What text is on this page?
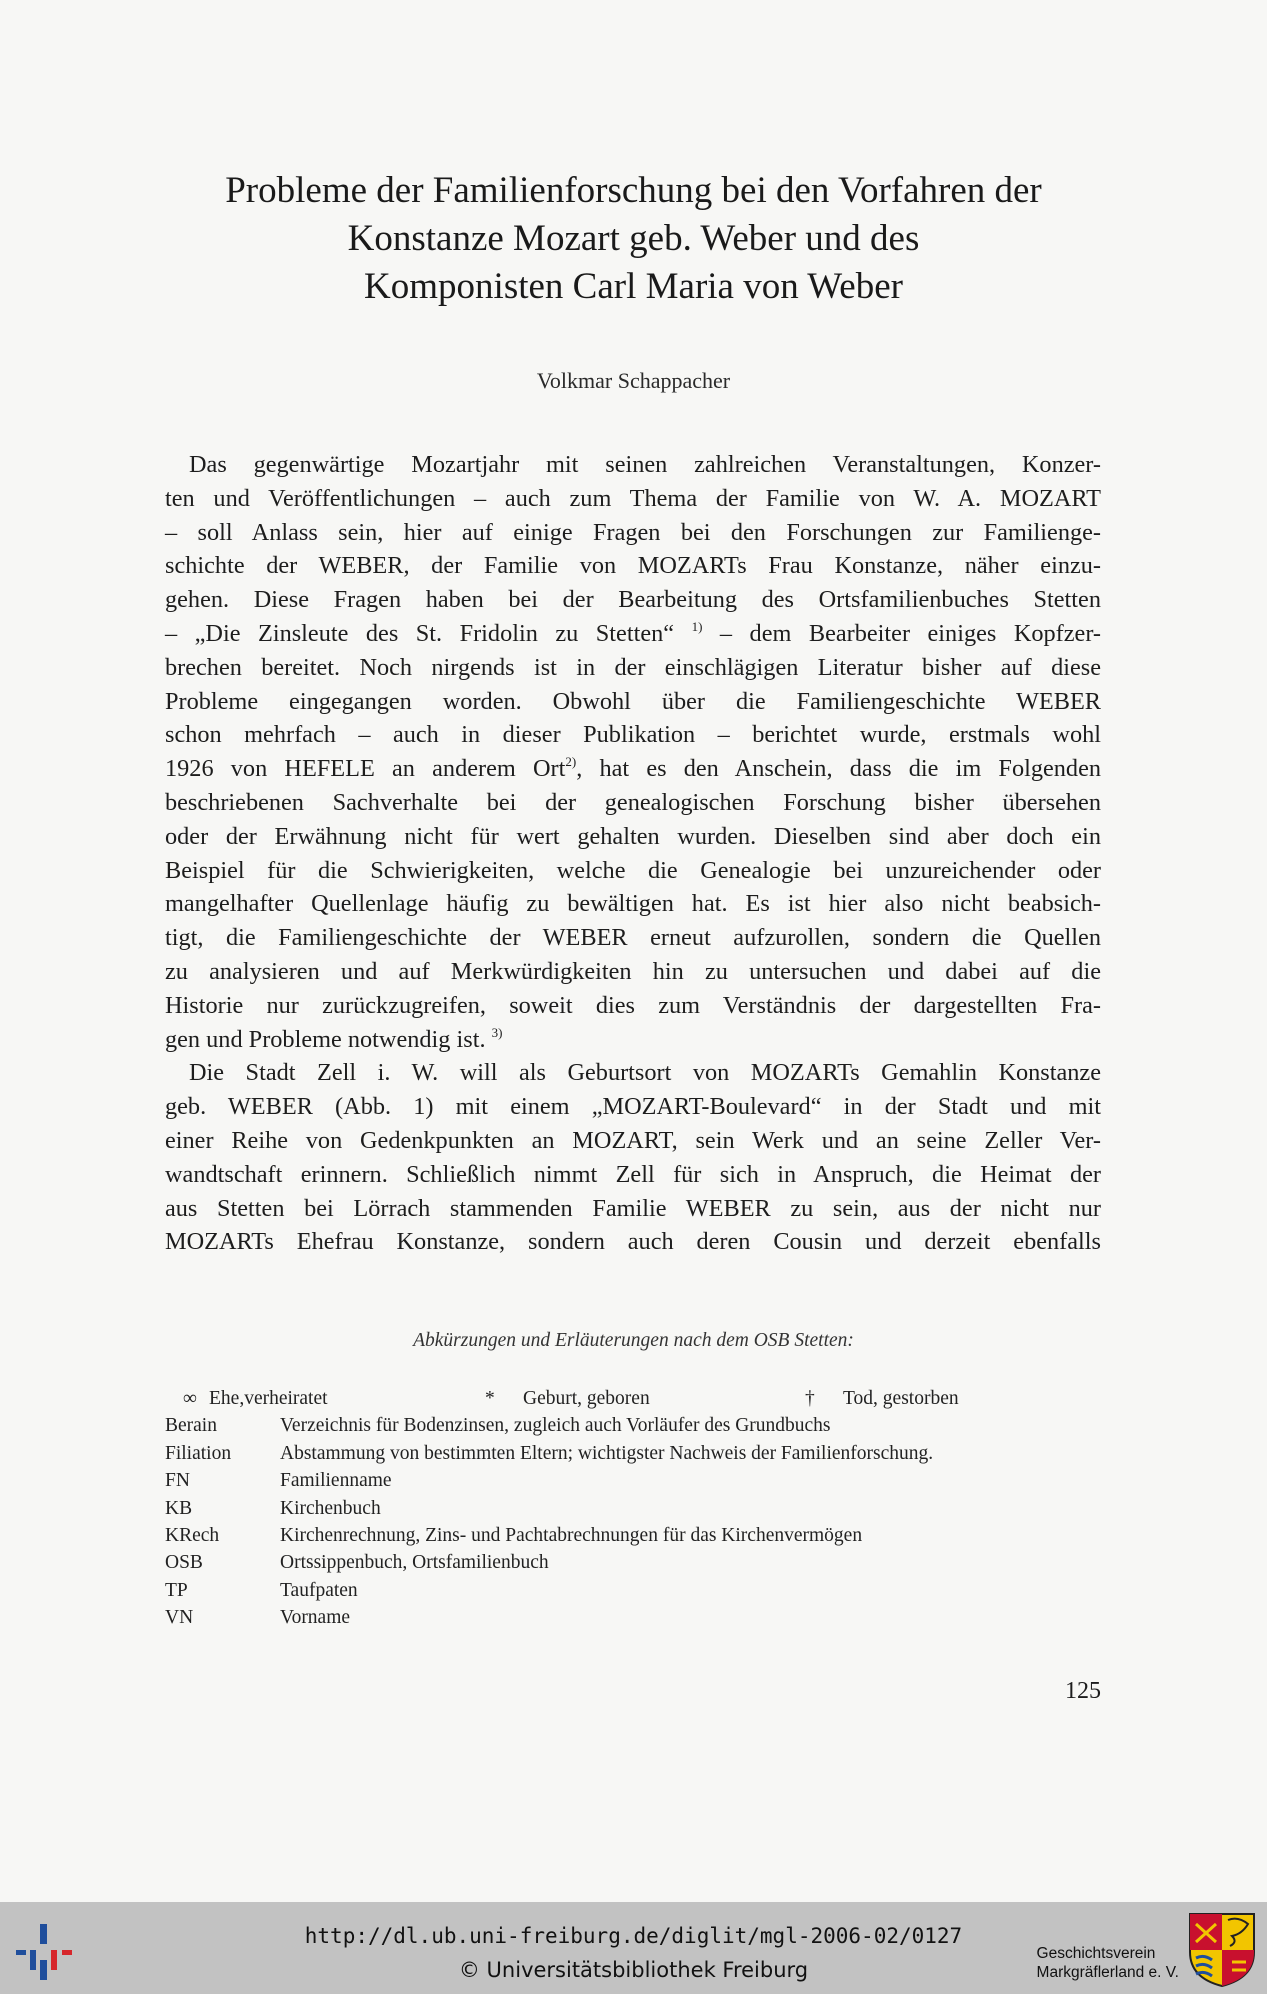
Probleme der Familienforschung bei den Vorfahren der
Konstanze Mozart geb. Weber und des
Komponisten Carl Maria von Weber
Volkmar Schappacher
Das gegenwärtige Mozartjahr mit seinen zahlreichen Veranstaltungen, Konzer-
ten und Veröffentlichungen – auch zum Thema der Familie von W. A. MOZART
– soll Anlass sein, hier auf einige Fragen bei den Forschungen zur Familienge-
schichte der WEBER, der Familie von MOZARTs Frau Konstanze, näher einzu-
gehen. Diese Fragen haben bei der Bearbeitung des Ortsfamilienbuches Stetten
– „Die Zinsleute des St. Fridolin zu Stetten“ $^{1)}$ – dem Bearbeiter einiges Kopfzer-
brechen bereitet. Noch nirgends ist in der einschlägigen Literatur bisher auf diese
Probleme eingegangen worden. Obwohl über die Familiengeschichte WEBER
schon mehrfach – auch in dieser Publikation – berichtet wurde, erstmals wohl
1926 von HEFELE an anderem Ort$^{2)}$, hat es den Anschein, dass die im Folgenden
beschriebenen Sachverhalte bei der genealogischen Forschung bisher übersehen
oder der Erwähnung nicht für wert gehalten wurden. Dieselben sind aber doch ein
Beispiel für die Schwierigkeiten, welche die Genealogie bei unzureichender oder
mangelhafter Quellenlage häufig zu bewältigen hat. Es ist hier also nicht beabsich-
tigt, die Familiengeschichte der WEBER erneut aufzurollen, sondern die Quellen
zu analysieren und auf Merkwürdigkeiten hin zu untersuchen und dabei auf die
Historie nur zurückzugreifen, soweit dies zum Verständnis der dargestellten Fra-
gen und Probleme notwendig ist. $^{3)}$
Die Stadt Zell i. W. will als Geburtsort von MOZARTs Gemahlin Konstanze
geb. WEBER (Abb. 1) mit einem „MOZART-Boulevard“ in der Stadt und mit
einer Reihe von Gedenkpunkten an MOZART, sein Werk und an seine Zeller Ver-
wandtschaft erinnern. Schließlich nimmt Zell für sich in Anspruch, die Heimat der
aus Stetten bei Lörrach stammenden Familie WEBER zu sein, aus der nicht nur
MOZARTs Ehefrau Konstanze, sondern auch deren Cousin und derzeit ebenfalls
Abkürzungen und Erläuterungen nach dem OSB Stetten:
∞ Ehe,verheiratet	* Geburt, geboren	† Tod, gestorben
Berain	Verzeichnis für Bodenzinsen, zugleich auch Vorläufer des Grundbuchs
Filiation	Abstammung von bestimmten Eltern; wichtigster Nachweis der Familienforschung.
FN	Familienname
KB	Kirchenbuch
KRech	Kirchenrechnung, Zins- und Pachtabrechnungen für das Kirchenvermögen
OSB	Ortssippenbuch, Ortsfamilienbuch
TP	Taufpaten
VN	Vorname
125
http://dl.ub.uni-freiburg.de/diglit/mgl-2006-02/0127
© Universitätsbibliothek Freiburg
Geschichtsverein
Markgräflerland e. V.
